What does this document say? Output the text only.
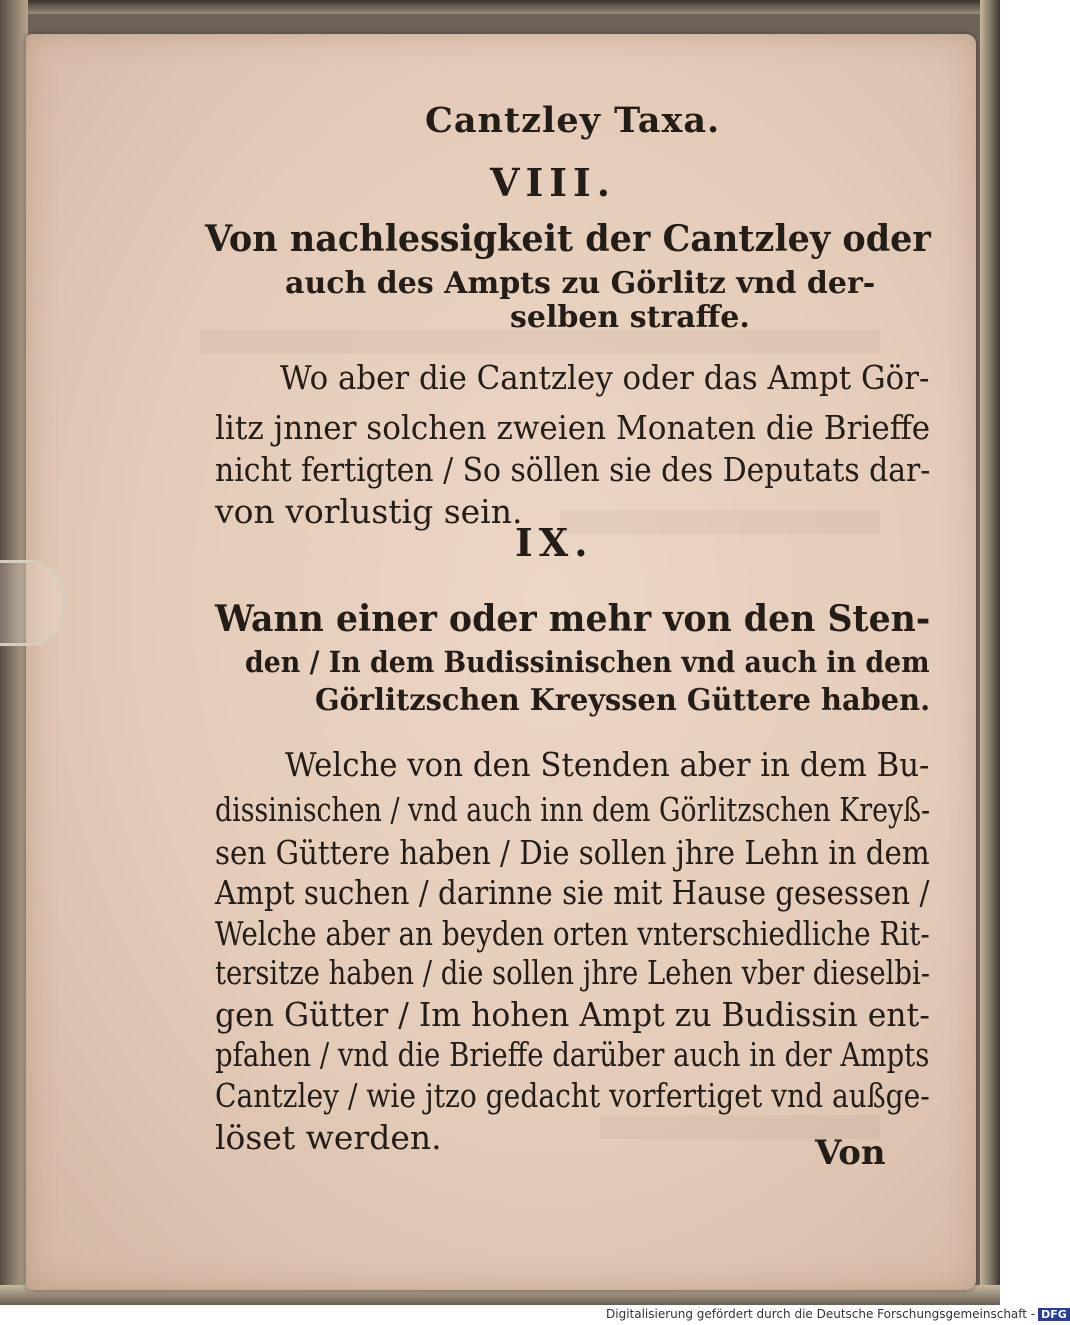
Cantzley Taxa.
VIII.
Von nachlessigkeit der Cantzley oder
auch des Ampts zu Görlitz vnd der-
selben straffe.
Wo aber die Cantzley oder das Ampt Gör-
litz jnner solchen zweien Monaten die Brieffe
nicht fertigten / So söllen sie des Deputats dar-
von vorlustig sein.
IX.
Wann einer oder mehr von den Sten-
den / In dem Budissinischen vnd auch in dem
Görlitzschen Kreyssen Güttere haben.
Welche von den Stenden aber in dem Bu-
dissinischen / vnd auch inn dem Görlitzschen Kreyß-
sen Güttere haben / Die sollen jhre Lehn in dem
Ampt suchen / darinne sie mit Hause gesessen /
Welche aber an beyden orten vnterschiedliche Rit-
tersitze haben / die sollen jhre Lehen vber dieselbi-
gen Gütter / Im hohen Ampt zu Budissin ent-
pfahen / vnd die Brieffe darüber auch in der Ampts
Cantzley / wie jtzo gedacht vorfertiget vnd außge-
löset werden.	Von
Digitalisierung gefördert durch die Deutsche Forschungsgemeinschaft - DFG
